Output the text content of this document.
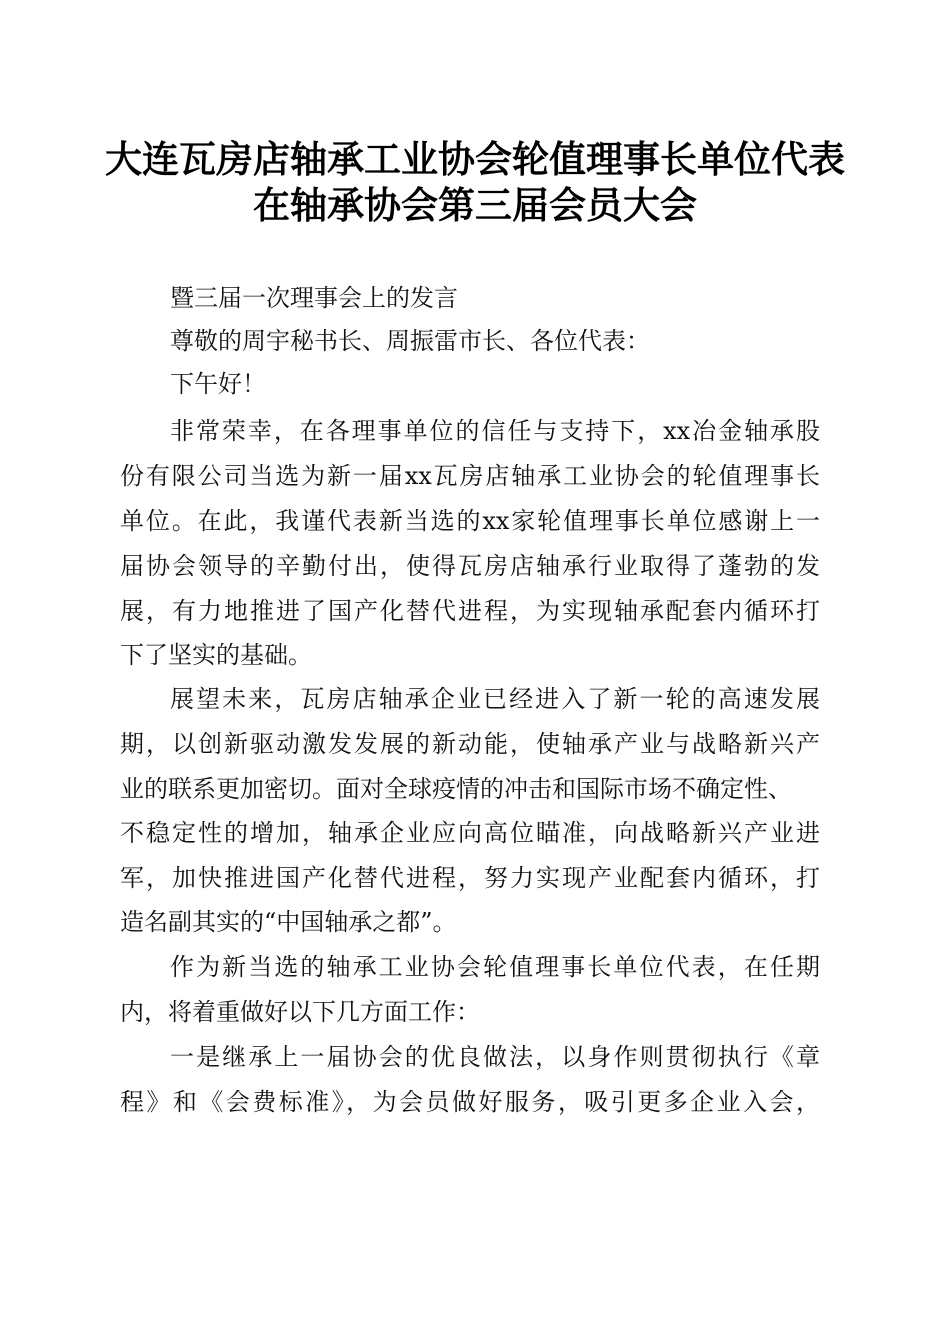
大连瓦房店轴承工业协会轮值理事长单位代表
在轴承协会第三届会员大会
暨三届一次理事会上的发言
尊敬的周宇秘书长、周振雷市长、各位代表：
下午好！
非常荣幸，在各理事单位的信任与支持下，xx冶金轴承股
份有限公司当选为新一届xx瓦房店轴承工业协会的轮值理事长
单位。在此，我谨代表新当选的xx家轮值理事长单位感谢上一
届协会领导的辛勤付出，使得瓦房店轴承行业取得了蓬勃的发
展，有力地推进了国产化替代进程，为实现轴承配套内循环打
下了坚实的基础。
展望未来，瓦房店轴承企业已经进入了新一轮的高速发展
期，以创新驱动激发发展的新动能，使轴承产业与战略新兴产
业的联系更加密切。面对全球疫情的冲击和国际市场不确定性、
不稳定性的增加，轴承企业应向高位瞄准，向战略新兴产业进
军，加快推进国产化替代进程，努力实现产业配套内循环，打
造名副其实的“中国轴承之都”。
作为新当选的轴承工业协会轮值理事长单位代表，在任期
内，将着重做好以下几方面工作：
一是继承上一届协会的优良做法，以身作则贯彻执行《章
程》和《会费标准》，为会员做好服务，吸引更多企业入会，
